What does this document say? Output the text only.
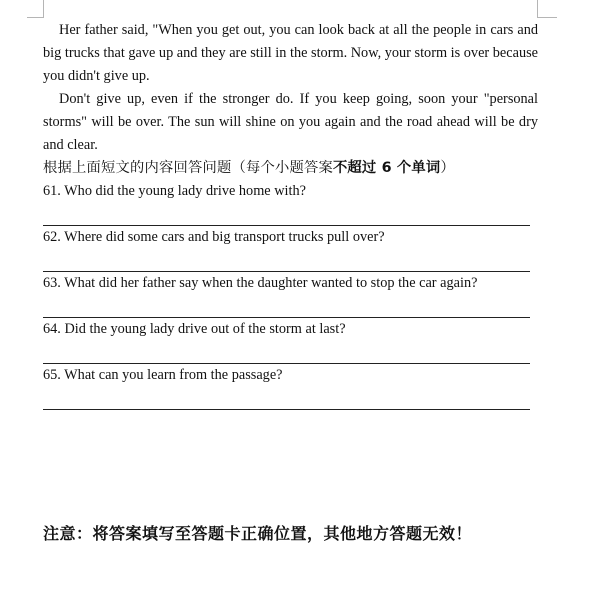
Her father said, "When you get out, you can look back at all the people in cars and big trucks that gave up and they are still in the storm. Now, your storm is over because you didn't give up.

Don't give up, even if the stronger do. If you keep going, soon your "personal storms" will be over. The sun will shine on you again and the road ahead will be dry and clear.

根据上面短文的内容回答问题（每个小题答案不超过 6 个单词）

61. Who did the young lady drive home with?

62. Where did some cars and big transport trucks pull over?

63. What did her father say when the daughter wanted to stop the car again?

64. Did the young lady drive out of the storm at last?

65. What can you learn from the passage?

注意：将答案填写至答题卡正确位置，其他地方答题无效！
